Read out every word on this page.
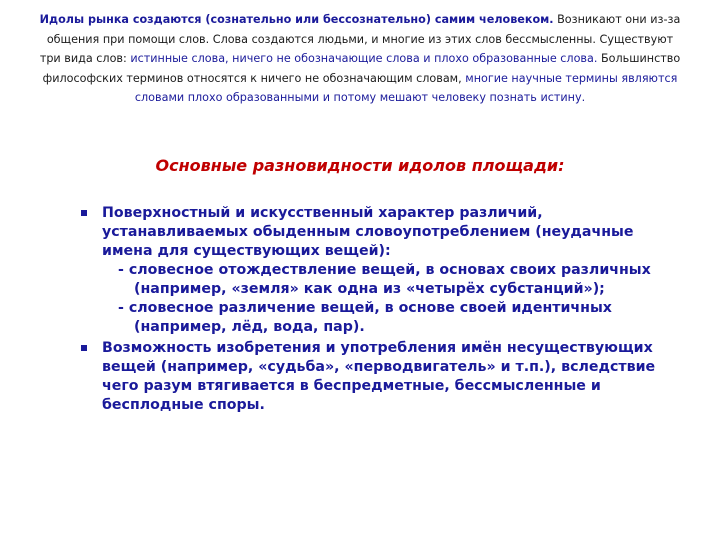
Идолы рынка создаются (сознательно или бессознательно) самим человеком. Возникают они из-за общения при помощи слов. Слова создаются людьми, и многие из этих слов бессмысленны. Существуют три вида слов: истинные слова, ничего не обозначающие слова и плохо образованные слова. Большинство философских терминов относятся к ничего не обозначающим словам, многие научные термины являются словами плохо образованными и потому мешают человеку познать истину.
Основные разновидности идолов площади:
Поверхностный и искусственный характер различий, устанавливаемых обыденным словоупотреблением (неудачные имена для существующих вещей):
- словесное отождествление вещей, в основах своих различных (например, «земля» как одна из «четырёх субстанций»);
- словесное различение вещей, в основе своей идентичных (например, лёд, вода, пар).
Возможность изобретения и употребления имён несуществующих вещей (например, «судьба», «перводвигатель» и т.п.), вследствие чего разум втягивается в беспредметные, бессмысленные и бесплодные споры.
